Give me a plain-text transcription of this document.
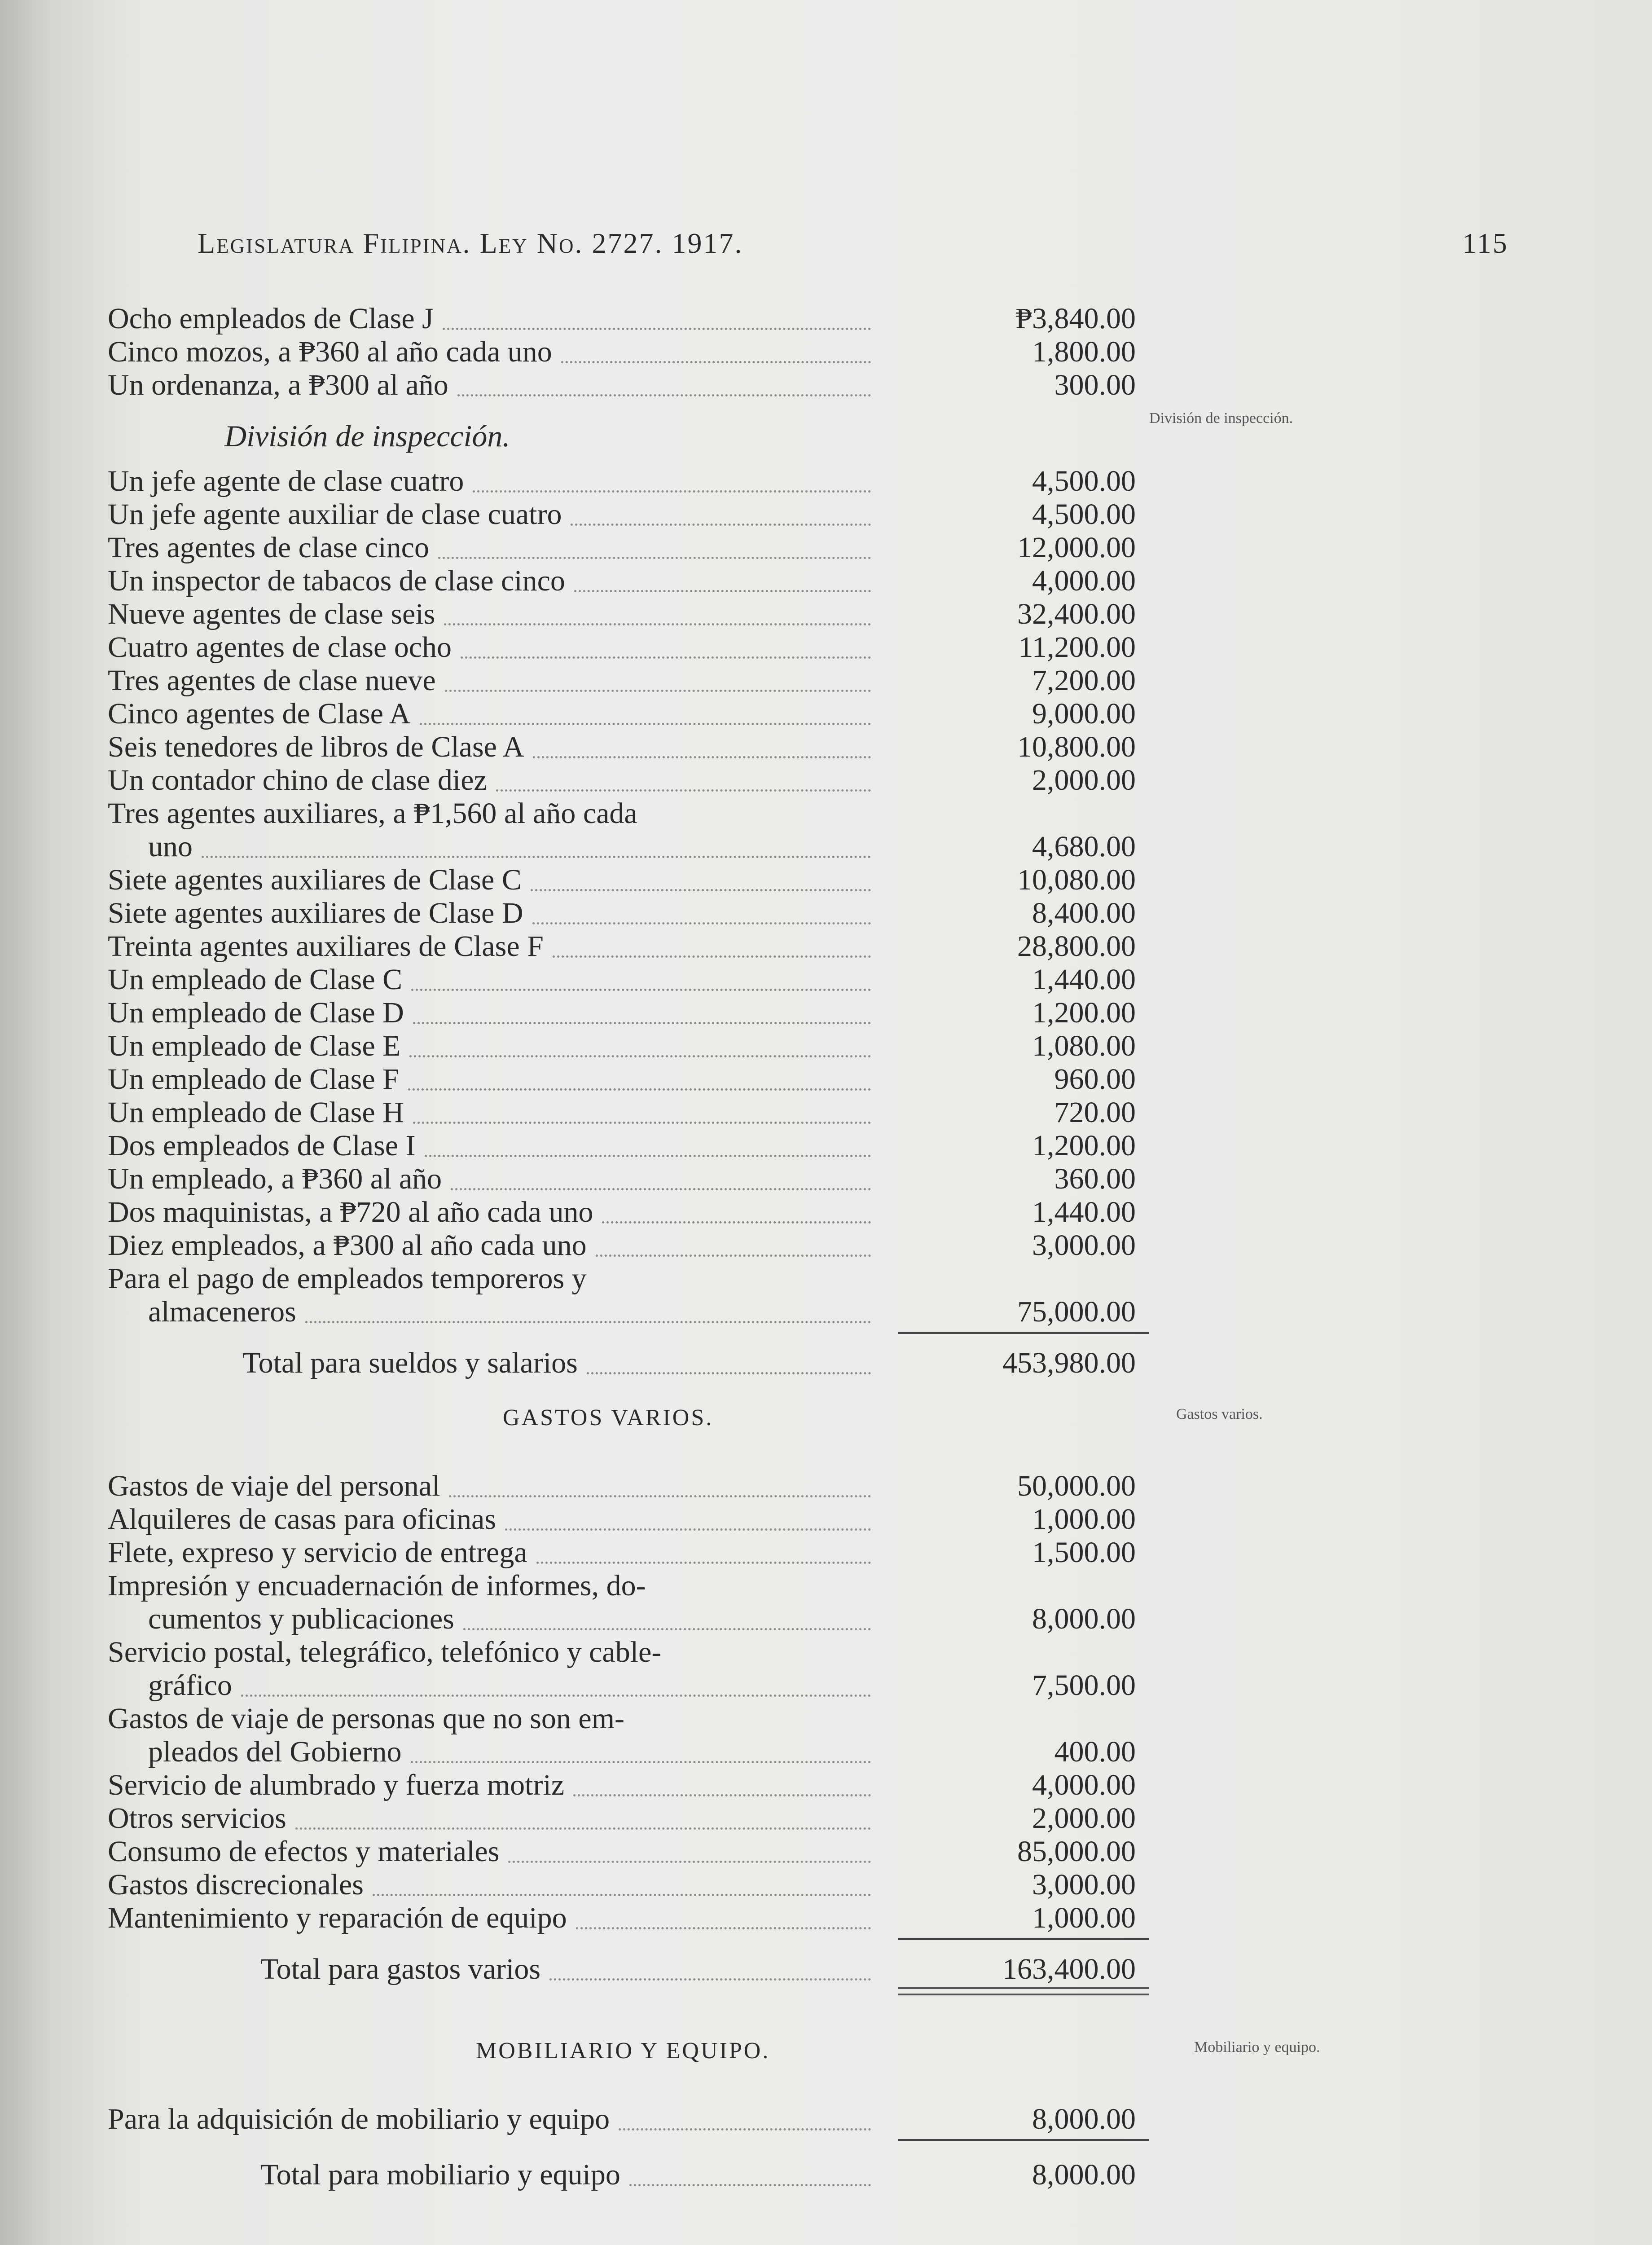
Legislatura Filipina. Ley No. 2727. 1917.	115
Ocho empleados de Clase J	₱3,840.00
Cinco mozos, a ₱360 al año cada uno	1,800.00
Un ordenanza, a ₱300 al año	300.00
División de inspección.
División de inspección.
Un jefe agente de clase cuatro	4,500.00
Un jefe agente auxiliar de clase cuatro	4,500.00
Tres agentes de clase cinco	12,000.00
Un inspector de tabacos de clase cinco	4,000.00
Nueve agentes de clase seis	32,400.00
Cuatro agentes de clase ocho	11,200.00
Tres agentes de clase nueve	7,200.00
Cinco agentes de Clase A	9,000.00
Seis tenedores de libros de Clase A	10,800.00
Un contador chino de clase diez	2,000.00
Tres agentes auxiliares, a ₱1,560 al año cada
uno	4,680.00
Siete agentes auxiliares de Clase C	10,080.00
Siete agentes auxiliares de Clase D	8,400.00
Treinta agentes auxiliares de Clase F	28,800.00
Un empleado de Clase C	1,440.00
Un empleado de Clase D	1,200.00
Un empleado de Clase E	1,080.00
Un empleado de Clase F	960.00
Un empleado de Clase H	720.00
Dos empleados de Clase I	1,200.00
Un empleado, a ₱360 al año	360.00
Dos maquinistas, a ₱720 al año cada uno	1,440.00
Diez empleados, a ₱300 al año cada uno	3,000.00
Para el pago de empleados temporeros y
almaceneros	75,000.00
Total para sueldos y salarios	453,980.00
GASTOS VARIOS.	Gastos varios.
Gastos de viaje del personal	50,000.00
Alquileres de casas para oficinas	1,000.00
Flete, expreso y servicio de entrega	1,500.00
Impresión y encuadernación de informes, do-
cumentos y publicaciones	8,000.00
Servicio postal, telegráfico, telefónico y cable-
gráfico	7,500.00
Gastos de viaje de personas que no son em-
pleados del Gobierno	400.00
Servicio de alumbrado y fuerza motriz	4,000.00
Otros servicios	2,000.00
Consumo de efectos y materiales	85,000.00
Gastos discrecionales	3,000.00
Mantenimiento y reparación de equipo	1,000.00
Total para gastos varios	163,400.00
MOBILIARIO Y EQUIPO.	Mobiliario y equipo.
Para la adquisición de mobiliario y equipo	8,000.00
Total para mobiliario y equipo	8,000.00
